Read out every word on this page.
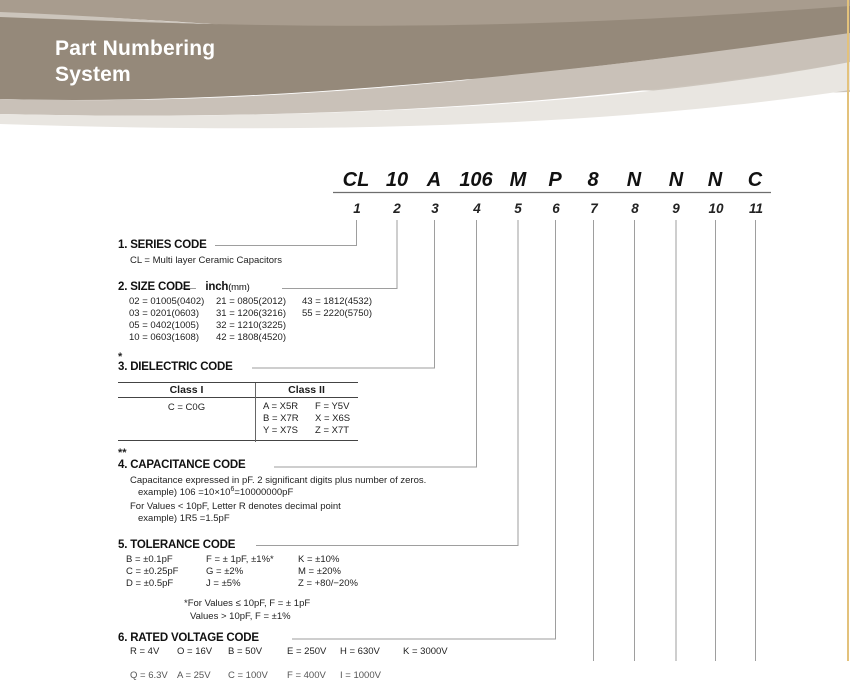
Part Numbering
System
CL 10 A 106 M P 8 N N N C
1 2 3	4 5 6 7 8 9 10 11
1. SERIES CODE
CL = Multi layer Ceramic Capacitors
2. SIZE CODE inch(mm)
02 = 01005(0402) 21 = 0805(2012) 43 = 1812(4532)
03 = 0201(0603) 31 = 1206(3216) 55 = 2220(5750)
05 = 0402(1005) 32 = 1210(3225)
10 = 0603(1608) 42 = 1808(4520)
*
3. DIELECTRIC CODE
Class I	Class II
C = C0G	A = X5R F = Y5V
B = X7R X = X6S
Y = X7S Z = X7T
**
4. CAPACITANCE CODE
Capacitance expressed in pF. 2 significant digits plus number of zeros.
example) $106 =10\times 10^6=10000000pF$
For Values < 10pF, Letter R denotes decimal point
example) 1R5 =1.5pF
5. TOLERANCE CODE
B = ±0.1pF	F = ± 1pF, ±1%*	K = ±10%
C = ±0.25pF	G = ±2%	M = ±20%
D = ±0.5pF	J = ±5%	Z = +80/−20%
*For Values ≤ 10pF, F = ± 1pF
Values > 10pF, F = ±1%
6. RATED VOLTAGE CODE
R = 4V O = 16V B = 50V	E = 250V H = 630V K = 3000V
Q = 6.3V A = 25V C = 100V F = 400V I = 1000V
